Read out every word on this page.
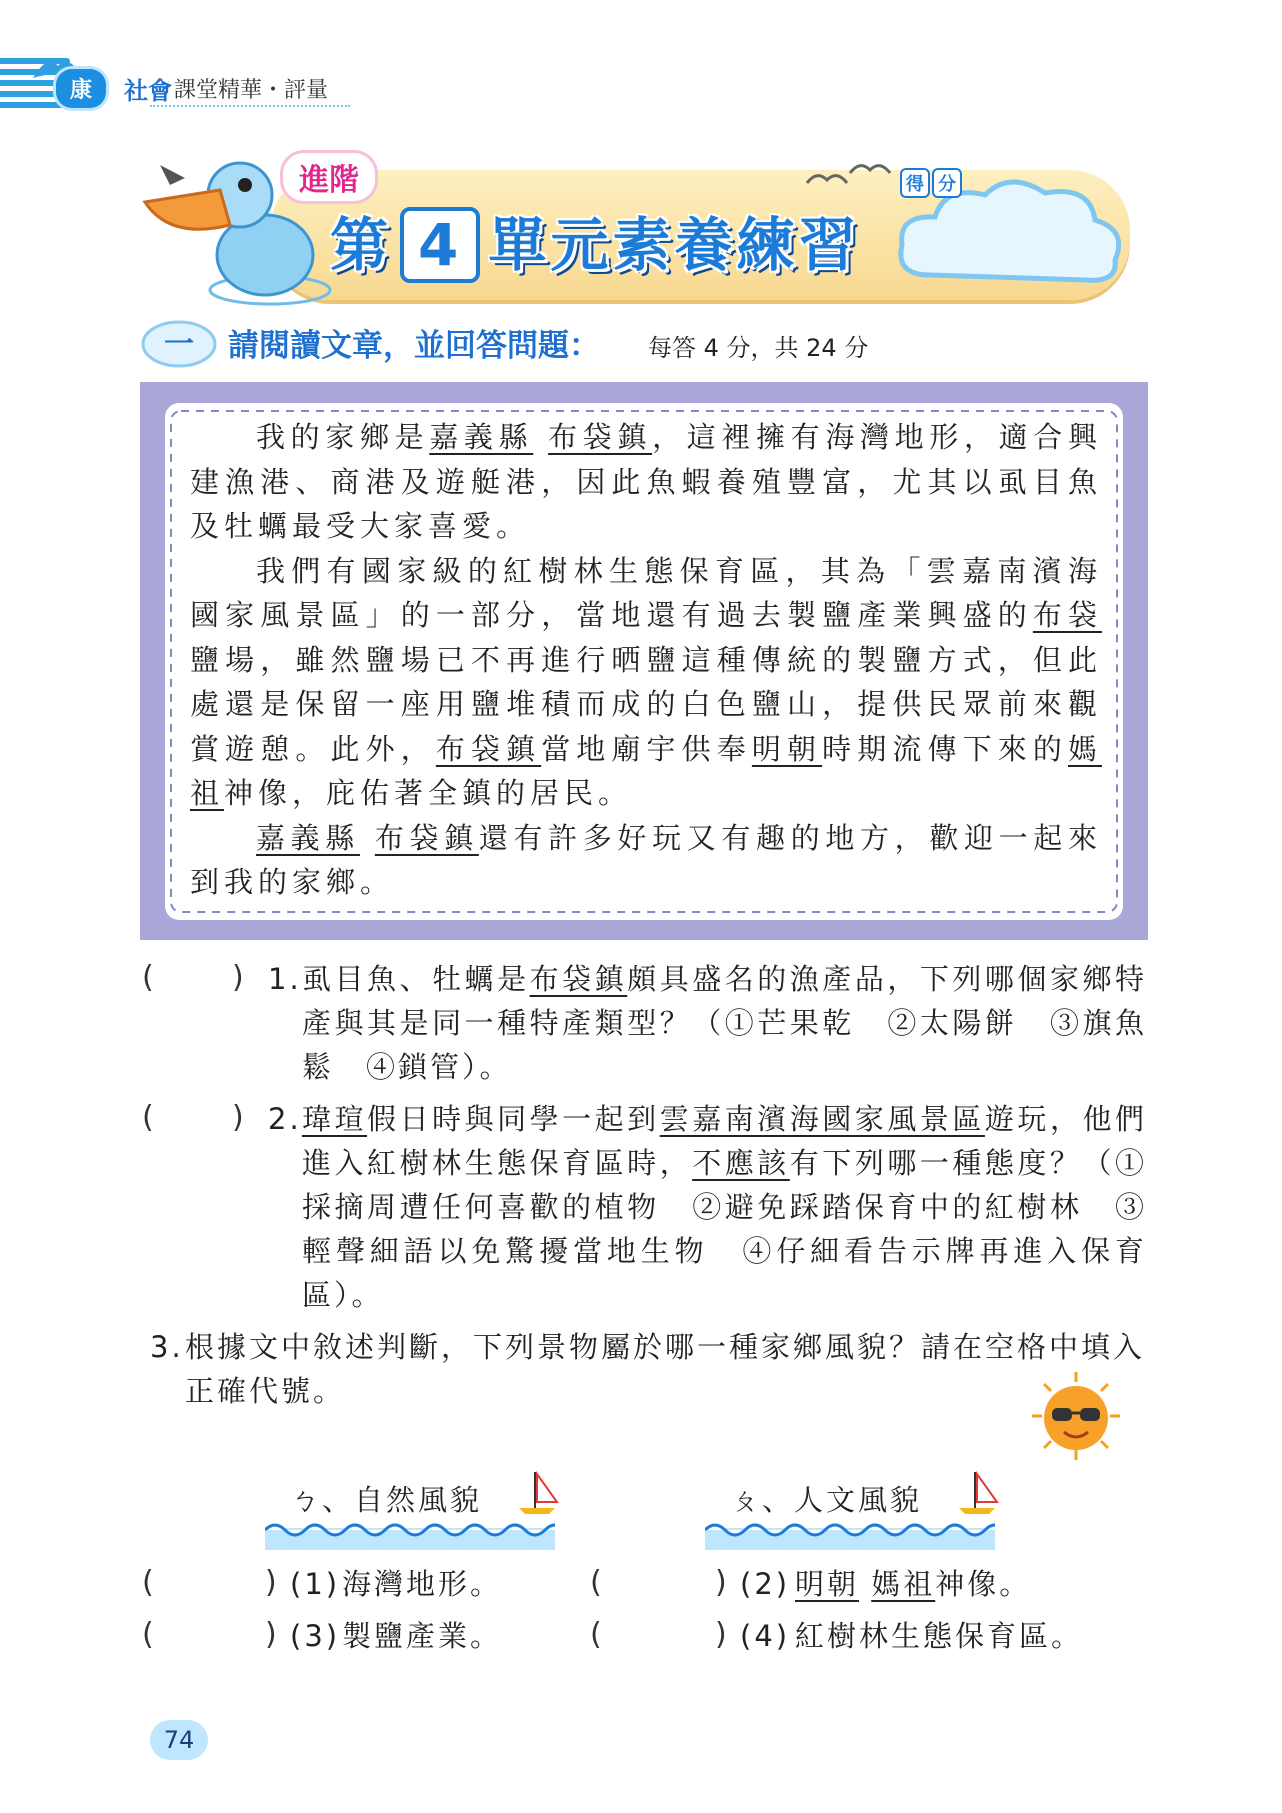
康	社會 課堂精華・評量
得 分
進階
第 4 單元素養練習
一 請閱讀文章，並回答問題： 每答 4 分，共 24 分

我的家鄉是嘉義縣 布袋鎮，這裡擁有海灣地形，適合興建漁港、商港及遊艇港，因此魚蝦養殖豐富，尤其以虱目魚及牡蠣最受大家喜愛。

我們有國家級的紅樹林生態保育區，其為「雲嘉南濱海國家風景區」的一部分，當地還有過去製鹽產業興盛的布袋鹽場，雖然鹽場已不再進行晒鹽這種傳統的製鹽方式，但此處還是保留一座用鹽堆積而成的白色鹽山，提供民眾前來觀賞遊憩。此外，布袋鎮當地廟宇供奉明朝時期流傳下來的媽祖神像，庇佑著全鎮的居民。

嘉義縣 布袋鎮還有許多好玩又有趣的地方，歡迎一起來到我的家鄉。

(	) 1. 虱目魚、牡蠣是布袋鎮頗具盛名的漁產品，下列哪個家鄉特產與其是同一種特產類型？（①芒果乾　②太陽餅　③旗魚鬆　④鎖管）。
(	) 2. 瑋瑄假日時與同學一起到雲嘉南濱海國家風景區遊玩，他們進入紅樹林生態保育區時，不應該有下列哪一種態度？（①採摘周遭任何喜歡的植物　②避免踩踏保育中的紅樹林　③輕聲細語以免驚擾當地生物　④仔細看告示牌再進入保育區）。
3. 根據文中敘述判斷，下列景物屬於哪一種家鄉風貌？請在空格中填入正確代號。
ㄅ、自然風貌	ㄆ、人文風貌
(	) (1) 海灣地形。	(	) (2) 明朝 媽祖神像。
(	) (3) 製鹽產業。	(	) (4) 紅樹林生態保育區。
74
